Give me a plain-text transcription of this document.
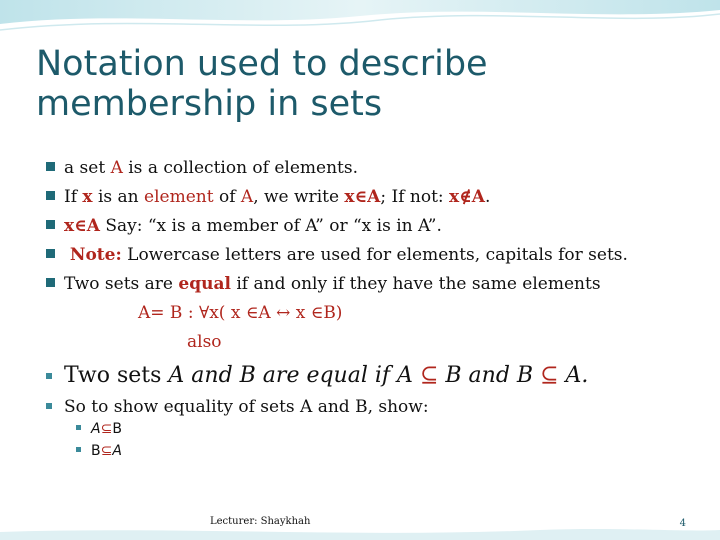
Notation used to describe
membership in sets
a set A is a collection of elements.
If x is an element of A, we write x∈A; If not: x∉A.
x∈A Say: “x is a member of A” or “x is in A”.
Note: Lowercase letters are used for elements, capitals for sets.
Two sets are equal if and only if they have the same elements
A= B : ∀x( x ∈A ↔ x ∈B)
also
Two sets A and B are equal if A ⊆ B and B ⊆ A.
So to show equality of sets A and B, show:
A⊆B
B⊆A
Lecturer: Shaykhah	4
